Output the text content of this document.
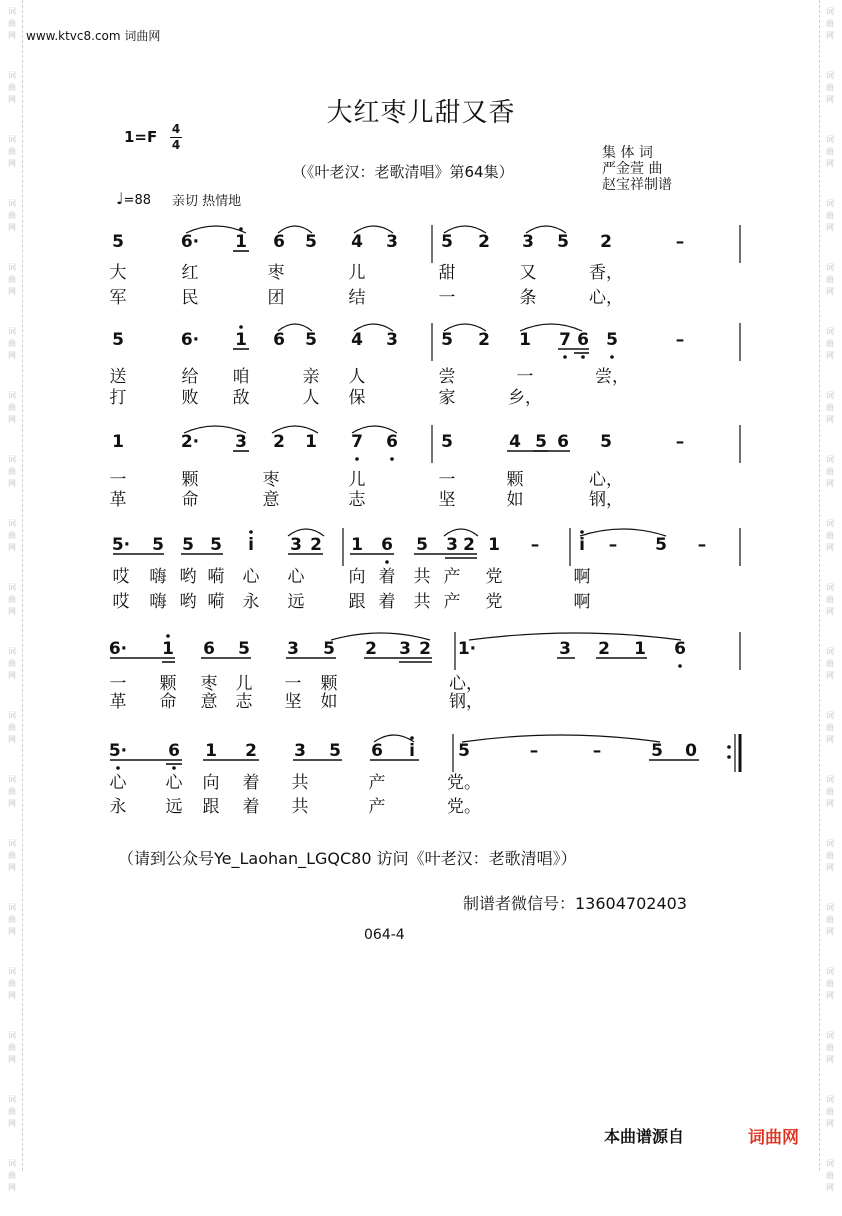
词
曲
网
词
曲
网
词
曲
网
词
曲
网
词
曲
网
词
曲
网
词
曲
网
词
曲
网
词
曲
网
词
曲
网
词
曲
网
词
曲
网
词
曲
网
词
曲
网
词
曲
网
词
曲
网
词
曲
网
词
曲
网
词
曲
网
词
曲
网
词
曲
网
词
曲
网
词
曲
网
词
曲
网
词
曲
网
词
曲
网
词
曲
网
词
曲
网
词
曲
网
词
曲
网
词
曲
网
词
曲
网
词
曲
网
词
曲
网
词
曲
网
词
曲
网
词
曲
网
词
曲
网
www.ktvc8.com 词曲网
大红枣儿甜又香
1=F 4
4
（《叶老汉：老歌清唱》第64集）
集 体 词
严金萱 曲
赵宝祥制谱
♩=88 亲切 热情地
5	6· 1 6 5 4 3	5 2 3 5 2	–
大	红	枣	儿	甜	又	香，
军	民	团	结	一	条	心，
5	6· 1 6 5 4 3	5 2 1 7 6 5	–
送	给 咱	亲 人	尝	一	尝，
打	败 敌	人 保	家	乡，
1	2· 3 2 1 7 6	5	4 5 6 5	–
一	颗	枣	儿	一	颗	心，
革	命	意	志	坚	如	钢，
5· 5 5 5 i 3 2 1 6 5 3 2 1 – i – 5 –
哎 嗨 哟 嗬 心 心	向 着 共 产 党	啊
哎 嗨 哟 嗬 永 远	跟 着 共 产 党	啊
6· 1 6 5 3 5 2 3 2 1·	3 2 1 6
一 颗 枣 儿 一 颗	心，
革 命 意 志 坚 如	钢，
5· 6 1 2 3 5 6 i	5	–	–	5 0
心 心 向 着 共	产	党。
永 远 跟 着 共	产	党。
（请到公众号Ye_Laohan_LGQC80 访问《叶老汉：老歌清唱》）
制谱者微信号：13604702403
064-4
本曲谱源自	词曲网
